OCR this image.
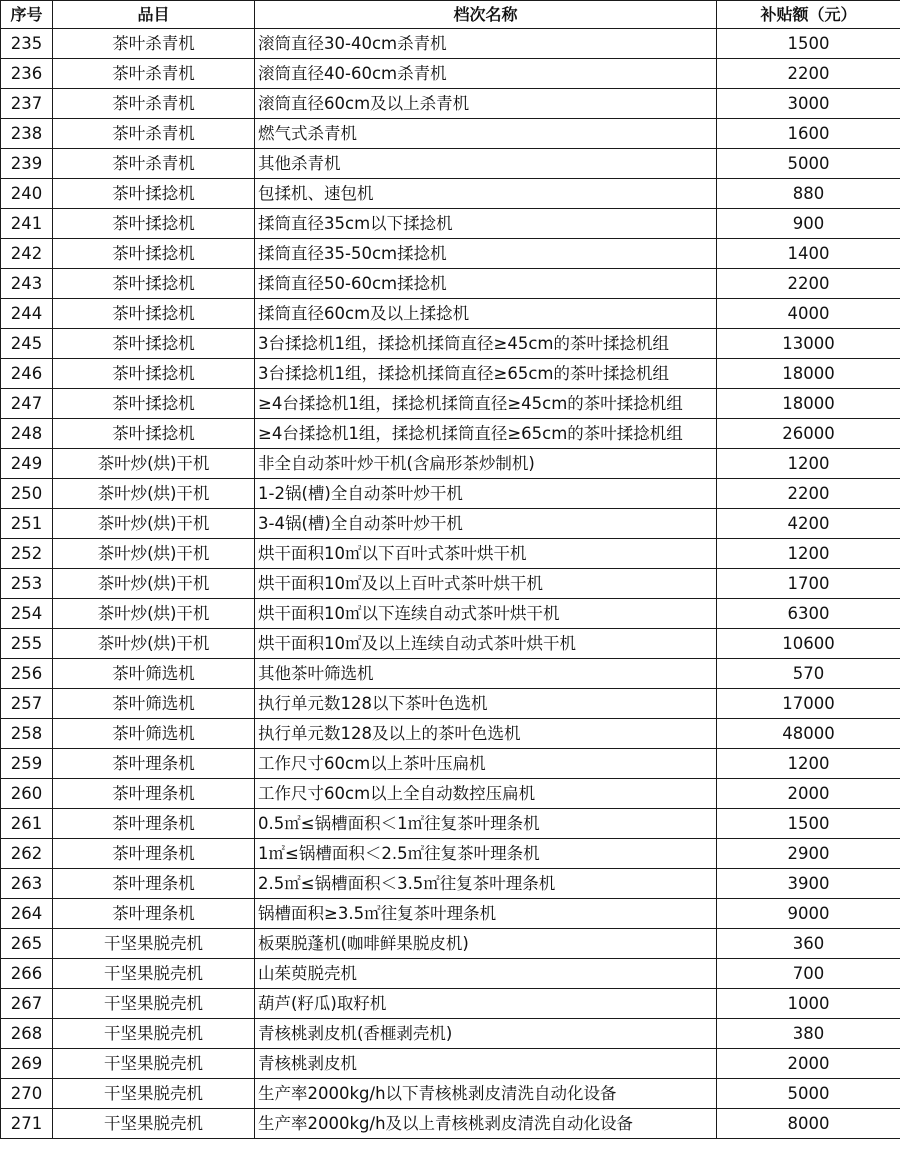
序号	品目	档次名称	补贴额（元）
235	茶叶杀青机	滚筒直径30-40cm杀青机	1500
236	茶叶杀青机	滚筒直径40-60cm杀青机	2200
237	茶叶杀青机	滚筒直径60cm及以上杀青机	3000
238	茶叶杀青机	燃气式杀青机	1600
239	茶叶杀青机	其他杀青机	5000
240	茶叶揉捻机	包揉机、速包机	880
241	茶叶揉捻机	揉筒直径35cm以下揉捻机	900
242	茶叶揉捻机	揉筒直径35-50cm揉捻机	1400
243	茶叶揉捻机	揉筒直径50-60cm揉捻机	2200
244	茶叶揉捻机	揉筒直径60cm及以上揉捻机	4000
245	茶叶揉捻机	3台揉捻机1组，揉捻机揉筒直径≥45cm的茶叶揉捻机组	13000
246	茶叶揉捻机	3台揉捻机1组，揉捻机揉筒直径≥65cm的茶叶揉捻机组	18000
247	茶叶揉捻机	≥4台揉捻机1组，揉捻机揉筒直径≥45cm的茶叶揉捻机组	18000
248	茶叶揉捻机	≥4台揉捻机1组，揉捻机揉筒直径≥65cm的茶叶揉捻机组	26000
249	茶叶炒(烘)干机	非全自动茶叶炒干机(含扁形茶炒制机)	1200
250	茶叶炒(烘)干机	1-2锅(槽)全自动茶叶炒干机	2200
251	茶叶炒(烘)干机	3-4锅(槽)全自动茶叶炒干机	4200
252	茶叶炒(烘)干机	烘干面积10㎡以下百叶式茶叶烘干机	1200
253	茶叶炒(烘)干机	烘干面积10㎡及以上百叶式茶叶烘干机	1700
254	茶叶炒(烘)干机	烘干面积10㎡以下连续自动式茶叶烘干机	6300
255	茶叶炒(烘)干机	烘干面积10㎡及以上连续自动式茶叶烘干机	10600
256	茶叶筛选机	其他茶叶筛选机	570
257	茶叶筛选机	执行单元数128以下茶叶色选机	17000
258	茶叶筛选机	执行单元数128及以上的茶叶色选机	48000
259	茶叶理条机	工作尺寸60cm以上茶叶压扁机	1200
260	茶叶理条机	工作尺寸60cm以上全自动数控压扁机	2000
261	茶叶理条机	0.5㎡≤锅槽面积＜1㎡往复茶叶理条机	1500
262	茶叶理条机	1㎡≤锅槽面积＜2.5㎡往复茶叶理条机	2900
263	茶叶理条机	2.5㎡≤锅槽面积＜3.5㎡往复茶叶理条机	3900
264	茶叶理条机	锅槽面积≥3.5㎡往复茶叶理条机	9000
265	干坚果脱壳机	板栗脱蓬机(咖啡鲜果脱皮机)	360
266	干坚果脱壳机	山茱萸脱壳机	700
267	干坚果脱壳机	葫芦(籽瓜)取籽机	1000
268	干坚果脱壳机	青核桃剥皮机(香榧剥壳机)	380
269	干坚果脱壳机	青核桃剥皮机	2000
270	干坚果脱壳机	生产率2000kg/h以下青核桃剥皮清洗自动化设备	5000
271	干坚果脱壳机	生产率2000kg/h及以上青核桃剥皮清洗自动化设备	8000
